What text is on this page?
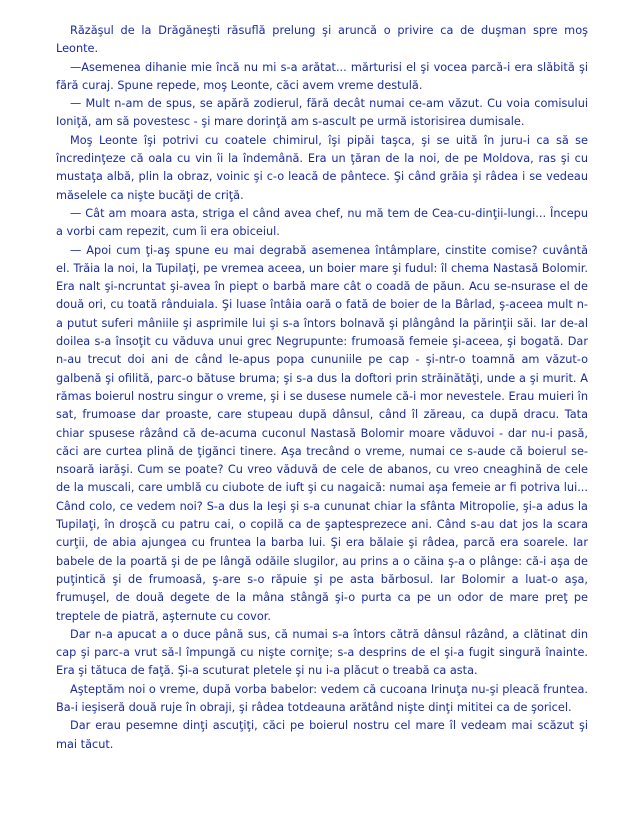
Răzăşul de la Drăgăneşti răsuflă prelung şi aruncă o privire ca de duşman spre moş Leonte.

—Asemenea dihanie mie încă nu mi s-a arătat... mărturisi el şi vocea parcă-i era slăbită şi fără curaj. Spune repede, moş Leonte, căci avem vreme destulă.

— Mult n-am de spus, se apără zodierul, fără decât numai ce-am văzut. Cu voia comisului Ioniţă, am să povestesc - şi mare dorinţă am s-ascult pe urmă istorisirea dumisale.

Moş Leonte îşi potrivi cu coatele chimirul, îşi pipăi taşca, şi se uită în juru-i ca să se încredinţeze că oala cu vin îi la îndemână. Era un ţăran de la noi, de pe Moldova, ras şi cu mustaţa albă, plin la obraz, voinic şi c-o leacă de pântece. Şi când grăia şi râdea i se vedeau măselele ca nişte bucăţi de criţă.

— Cât am moara asta, striga el când avea chef, nu mă tem de Cea-cu-dinţii-lungi... Începu a vorbi cam repezit, cum îi era obiceiul.

— Apoi cum ţi-aş spune eu mai degrabă asemenea întâmplare, cinstite comise? cuvântă el. Trăia la noi, la Tupilaţi, pe vremea aceea, un boier mare şi fudul: îl chema Nastasă Bolomir. Era nalt şi-ncruntat şi-avea în piept o barbă mare cât o coadă de păun. Acu se-nsurase el de două ori, cu toată rânduiala. Şi luase întâia oară o fată de boier de la Bârlad, ş-aceea mult n-a putut suferi mâniile şi asprimile lui şi s-a întors bolnavă şi plângând la părinţii săi. Iar de-al doilea s-a însoţit cu văduva unui grec Negrupunte: frumoasă femeie şi-aceea, şi bogată. Dar n-au trecut doi ani de când le-apus popa cununiile pe cap - şi-ntr-o toamnă am văzut-o galbenă şi ofilită, parc-o bătuse bruma; şi s-a dus la doftori prin străinătăţi, unde a şi murit. A rămas boierul nostru singur o vreme, şi i se dusese numele că-i mor nevestele. Erau muieri în sat, frumoase dar proaste, care stupeau după dânsul, când îl zăreau, ca după dracu. Tata chiar spusese râzând că de-acuma cuconul Nastasă Bolomir moare văduvoi - dar nu-i pasă, căci are curtea plină de ţigănci tinere. Aşa trecând o vreme, numai ce s-aude că boierul se-nsoară iarăşi. Cum se poate? Cu vreo văduvă de cele de abanos, cu vreo cneaghină de cele de la muscali, care umblă cu ciubote de iuft şi cu nagaică: numai aşa femeie ar fi potriva lui... Când colo, ce vedem noi? S-a dus la Ieşi şi s-a cununat chiar la sfânta Mitropolie, şi-a adus la Tupilaţi, în droşcă cu patru cai, o copilă ca de şaptesprezece ani. Când s-au dat jos la scara curţii, de abia ajungea cu fruntea la barba lui. Şi era bălaie şi râdea, parcă era soarele. Iar babele de la poartă şi de pe lângă odăile slugilor, au prins a o căina ş-a o plânge: că-i aşa de puţintică şi de frumoasă, ş-are s-o răpuie şi pe asta bărbosul. Iar Bolomir a luat-o aşa, frumuşel, de două degete de la mâna stângă şi-o purta ca pe un odor de mare preţ pe treptele de piatră, aşternute cu covor.

Dar n-a apucat a o duce până sus, că numai s-a întors cătră dânsul râzând, a clătinat din cap şi parc-a vrut să-l împungă cu nişte corniţe; s-a desprins de el şi-a fugit singură înainte. Era şi tătuca de faţă. Şi-a scuturat pletele şi nu i-a plăcut o treabă ca asta.

Aşteptăm noi o vreme, după vorba babelor: vedem că cucoana Irinuţa nu-şi pleacă fruntea. Ba-i ieşiseră două ruje în obraji, şi râdea totdeauna arătând nişte dinţi mititei ca de şoricel.

Dar erau pesemne dinţi ascuţiţi, căci pe boierul nostru cel mare îl vedeam mai scăzut şi mai tăcut.
